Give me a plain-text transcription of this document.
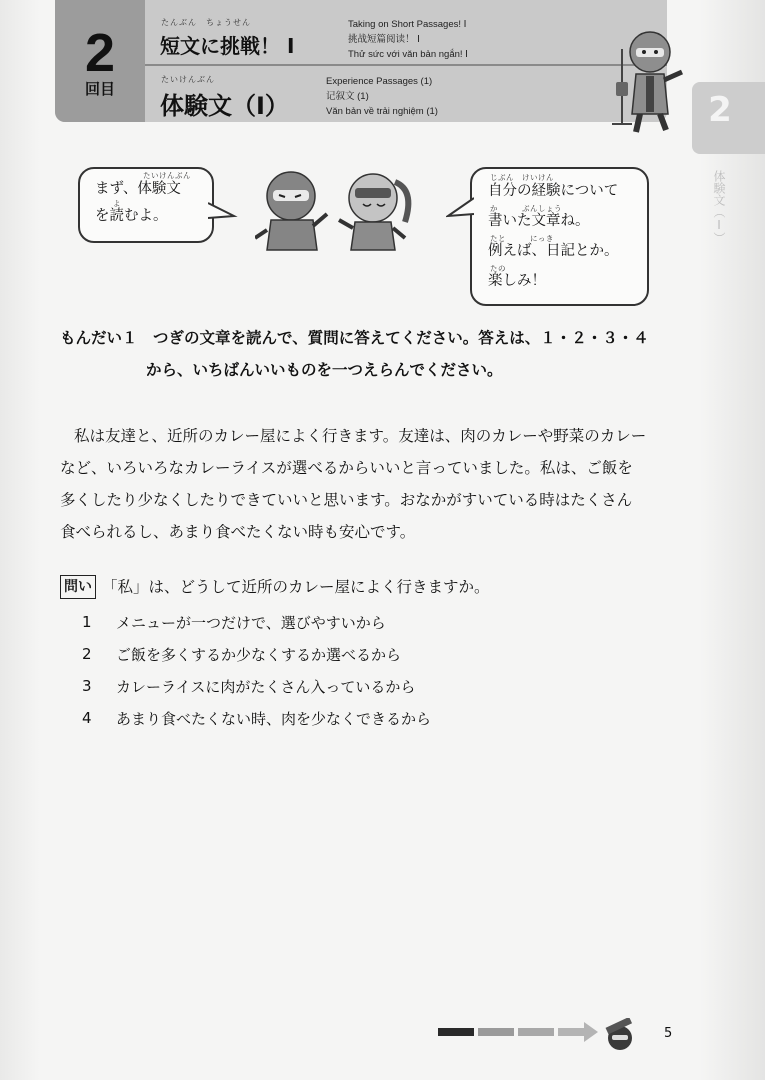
2
回目
たんぶん　ちょうせん
短文に挑戦！ Ⅰ
Taking on Short Passages! Ⅰ
挑战短篇阅读！ Ⅰ
Thử sức với văn bản ngắn! Ⅰ
たいけんぶん
体験文（Ⅰ）
Experience Passages (1)
记叙文 (1)
Văn bản về trải nghiệm (1)	2
体験文（Ⅰ）
たいけんぶん
まず、体験文
よ
を読むよ。
じぶん　けいけん
自分の経験について
か　　　ぶんしょう
書いた文章ね。
たと　　　にっき
例えば、日記とか。
たの
楽しみ！
もんだい１　つぎの文章を読んで、質問に答えてください。答えは、１・２・３・４
から、いちばんいいものを一つえらんでください。
私は友達と、近所のカレー屋によく行きます。友達は、肉のカレーや野菜のカレー
など、いろいろなカレーライスが選べるからいいと言っていました。私は、ご飯を
多くしたり少なくしたりできていいと思います。おなかがすいている時はたくさん
食べられるし、あまり食べたくない時も安心です。
問い 「私」は、どうして近所のカレー屋によく行きますか。
1	メニューが一つだけで、選びやすいから
2	ご飯を多くするか少なくするか選べるから
3	カレーライスに肉がたくさん入っているから
4	あまり食べたくない時、肉を少なくできるから
5
